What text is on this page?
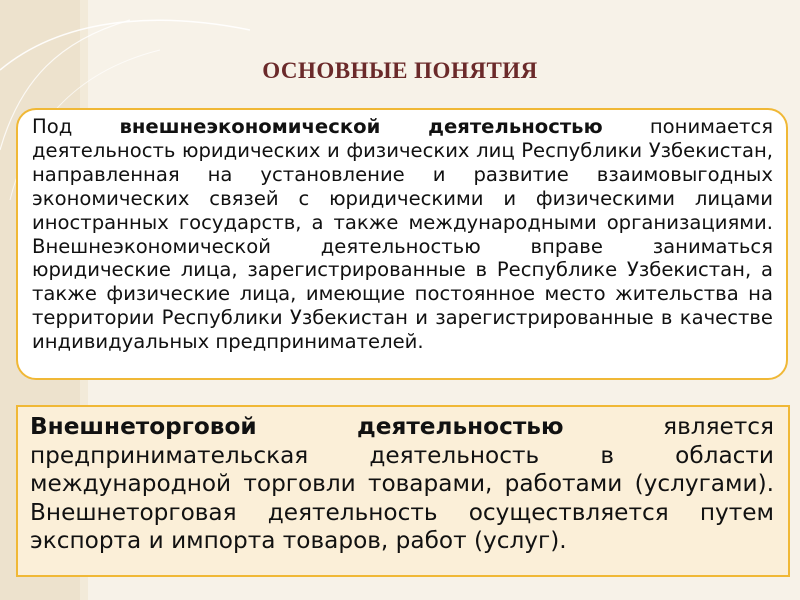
ОСНОВНЫЕ ПОНЯТИЯ

Под внешнеэкономической деятельностью понимается деятельность юридических и физических лиц Республики Узбекистан, направленная на установление и развитие взаимовыгодных экономических связей с юридическими и физическими лицами иностранных государств, а также международными организациями. Внешнеэкономической деятельностью вправе заниматься юридические лица, зарегистрированные в Республике Узбекистан, а также физические лица, имеющие постоянное место жительства на территории Республики Узбекистан и зарегистрированные в качестве индивидуальных предпринимателей.

Внешнеторговой деятельностью	является предпринимательская деятельность в области международной торговли товарами, работами (услугами). Внешнеторговая деятельность осуществляется путем экспорта и импорта товаров, работ (услуг).
